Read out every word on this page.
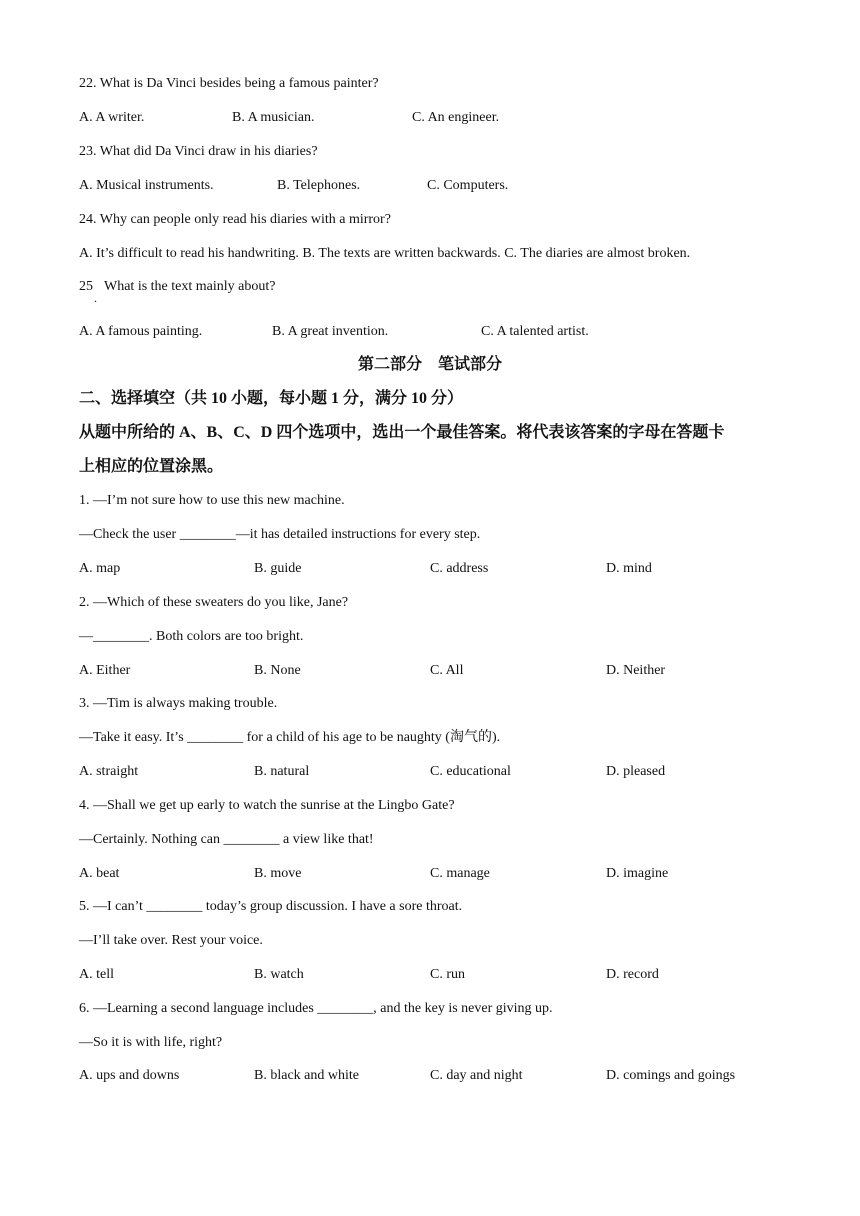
22. What is Da Vinci besides being a famous painter?
A. A writer.	B. A musician.	C. An engineer.
23. What did Da Vinci draw in his diaries?
A. Musical instruments.	B. Telephones.	C. Computers.
24. Why can people only read his diaries with a mirror?
A. It’s difficult to read his handwriting. B. The texts are written backwards. C. The diaries are almost broken.
25 What is the text mainly about?
.
A. A famous painting.	B. A great invention.	C. A talented artist.
第二部分　笔试部分
二、选择填空（共 10 小题，每小题 1 分，满分 10 分）
从题中所给的 A、B、C、D 四个选项中，选出一个最佳答案。将代表该答案的字母在答题卡
上相应的位置涂黑。
1. —I’m not sure how to use this new machine.
—Check the user ________—it has detailed instructions for every step.
A. map	B. guide	C. address	D. mind
2. —Which of these sweaters do you like, Jane?
—________. Both colors are too bright.
A. Either	B. None	C. All	D. Neither
3. —Tim is always making trouble.
—Take it easy. It’s ________ for a child of his age to be naughty (淘气的).
A. straight	B. natural	C. educational	D. pleased
4. —Shall we get up early to watch the sunrise at the Lingbo Gate?
—Certainly. Nothing can ________ a view like that!
A. beat	B. move	C. manage	D. imagine
5. —I can’t ________ today’s group discussion. I have a sore throat.
—I’ll take over. Rest your voice.
A. tell	B. watch	C. run	D. record
6. —Learning a second language includes ________, and the key is never giving up.
—So it is with life, right?
A. ups and downs	B. black and white	C. day and night	D. comings and goings
